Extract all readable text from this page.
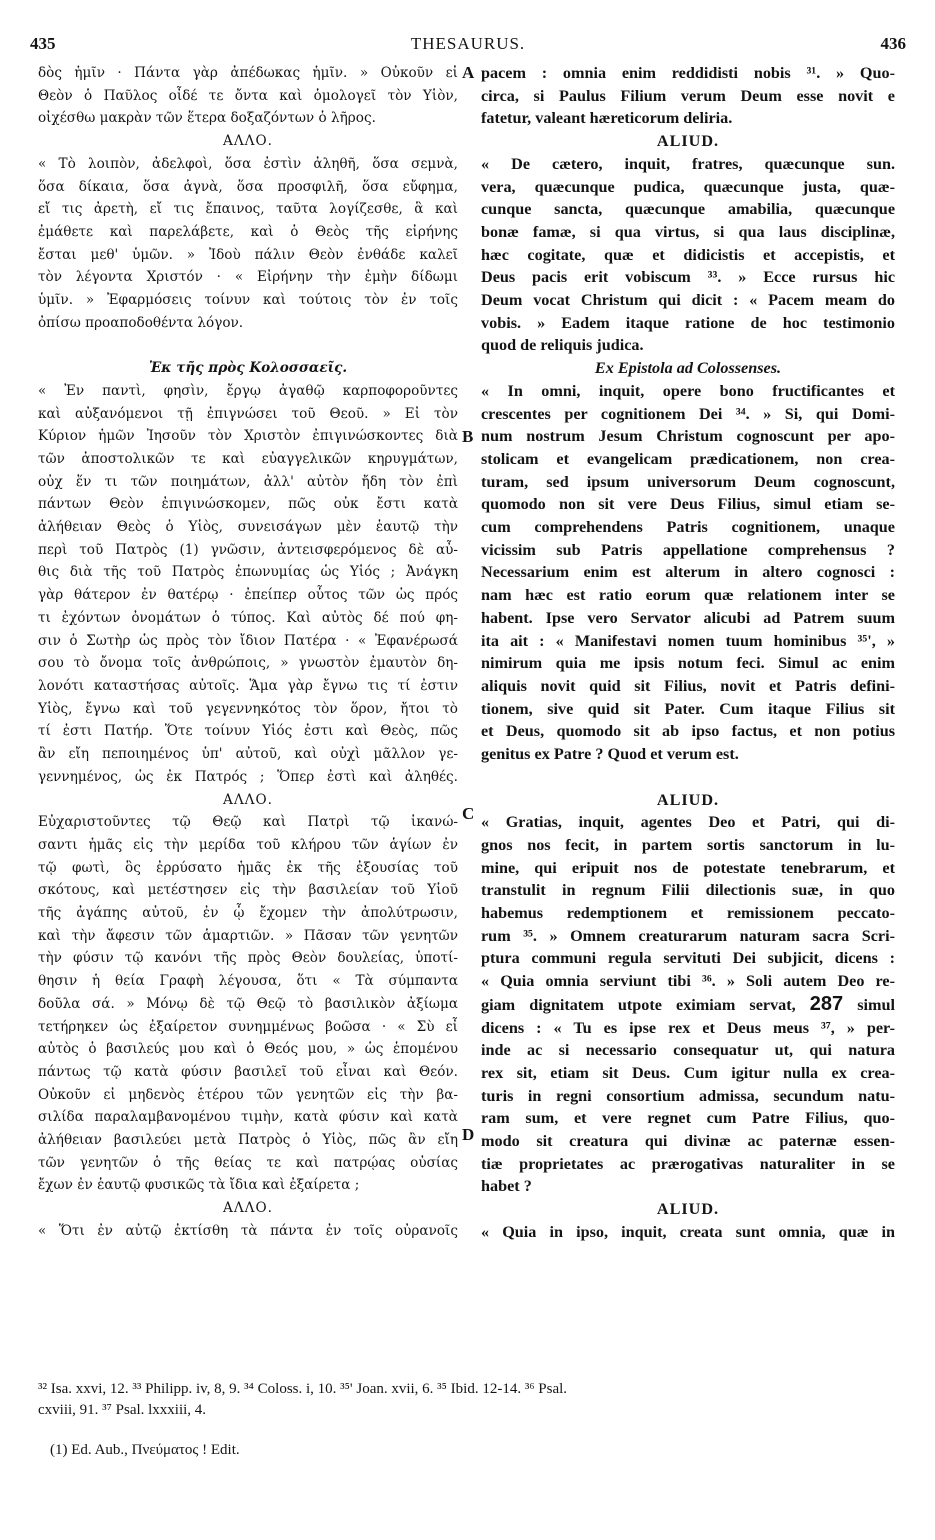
435	THESAURUS.	436

δὸς ἡμῖν · Πάντα γὰρ ἀπέδωκας ἡμῖν. » Οὐκοῦν εἰ

Θεὸν ὁ Παῦλος οἶδέ τε ὄντα καὶ ὁμολογεῖ τὸν Υἱὸν,

οἰχέσθω μακρὰν τῶν ἕτερα δοξαζόντων ὁ λῆρος.

ΑΛΛΟ.

« Τὸ λοιπὸν, ἀδελφοὶ, ὅσα ἐστὶν ἀληθῆ, ὅσα σεμνὰ,

ὅσα δίκαια, ὅσα ἁγνὰ, ὅσα προσφιλῆ, ὅσα εὔφημα,

εἴ τις ἀρετὴ, εἴ τις ἔπαινος, ταῦτα λογίζεσθε, ἃ καὶ

ἐμάθετε καὶ παρελάβετε, καὶ ὁ Θεὸς τῆς εἰρήνης

ἔσται μεθ' ὑμῶν. » Ἰδοὺ πάλιν Θεὸν ἐνθάδε καλεῖ

τὸν λέγοντα Χριστόν · « Εἰρήνην τὴν ἐμὴν δίδωμι

ὑμῖν. » Ἐφαρμόσεις τοίνυν καὶ τούτοις τὸν ἐν τοῖς

ὀπίσω προαποδοθέντα λόγον.

Ἐκ τῆς πρὸς Κολοσσαεῖς.

« Ἐν παντὶ, φησὶν, ἔργῳ ἀγαθῷ καρποφοροῦντες

καὶ αὐξανόμενοι τῇ ἐπιγνώσει τοῦ Θεοῦ. » Εἰ τὸν

Κύριον ἡμῶν Ἰησοῦν τὸν Χριστὸν ἐπιγινώσκοντες διὰ

τῶν ἀποστολικῶν τε καὶ εὐαγγελικῶν κηρυγμάτων,

οὐχ ἕν τι τῶν ποιημάτων, ἀλλ' αὐτὸν ἤδη τὸν ἐπὶ

πάντων Θεὸν ἐπιγινώσκομεν, πῶς οὐκ ἔστι κατὰ

ἀλήθειαν Θεὸς ὁ Υἱὸς, συνεισάγων μὲν ἑαυτῷ τὴν

περὶ τοῦ Πατρὸς (1) γνῶσιν, ἀντεισφερόμενος δὲ αὖ-

θις διὰ τῆς τοῦ Πατρὸς ἐπωνυμίας ὡς Υἱός ; Ἀνάγκη

γὰρ θάτερον ἐν θατέρῳ · ἐπείπερ οὗτος τῶν ὡς πρός

τι ἐχόντων ὀνομάτων ὁ τύπος. Καὶ αὐτὸς δέ πού φη-

σιν ὁ Σωτὴρ ὡς πρὸς τὸν ἴδιον Πατέρα · « Ἐφανέρωσά

σου τὸ ὄνομα τοῖς ἀνθρώποις, » γνωστὸν ἐμαυτὸν δη-

λονότι καταστήσας αὐτοῖς. Ἅμα γὰρ ἔγνω τις τί ἐστιν

Υἱὸς, ἔγνω καὶ τοῦ γεγεννηκότος τὸν ὅρον, ἤτοι τὸ

τί ἐστι Πατήρ. Ὅτε τοίνυν Υἱός ἐστι καὶ Θεὸς, πῶς

ἂν εἴη πεποιημένος ὑπ' αὐτοῦ, καὶ οὐχὶ μᾶλλον γε-

γεννημένος, ὡς ἐκ Πατρός ; Ὅπερ ἐστὶ καὶ ἀληθές.

ΑΛΛΟ.

Εὐχαριστοῦντες τῷ Θεῷ καὶ Πατρὶ τῷ ἱκανώ-

σαντι ἡμᾶς εἰς τὴν μερίδα τοῦ κλήρου τῶν ἁγίων ἐν

τῷ φωτὶ, ὃς ἐρρύσατο ἡμᾶς ἐκ τῆς ἐξουσίας τοῦ

σκότους, καὶ μετέστησεν εἰς τὴν βασιλείαν τοῦ Υἱοῦ

τῆς ἀγάπης αὐτοῦ, ἐν ᾧ ἔχομεν τὴν ἀπολύτρωσιν,

καὶ τὴν ἄφεσιν τῶν ἁμαρτιῶν. » Πᾶσαν τῶν γενητῶν

τὴν φύσιν τῷ κανόνι τῆς πρὸς Θεὸν δουλείας, ὑποτί-

θησιν ἡ θεία Γραφὴ λέγουσα, ὅτι « Τὰ σύμπαντα

δοῦλα σά. » Μόνῳ δὲ τῷ Θεῷ τὸ βασιλικὸν ἀξίωμα

τετήρηκεν ὡς ἐξαίρετον συνημμένως βοῶσα · « Σὺ εἶ

αὐτὸς ὁ βασιλεύς μου καὶ ὁ Θεός μου, » ὡς ἑπομένου

πάντως τῷ κατὰ φύσιν βασιλεῖ τοῦ εἶναι καὶ Θεόν.

Οὐκοῦν εἰ μηδενὸς ἑτέρου τῶν γενητῶν εἰς τὴν βα-

σιλίδα παραλαμβανομένου τιμὴν, κατὰ φύσιν καὶ κατὰ

ἀλήθειαν βασιλεύει μετὰ Πατρὸς ὁ Υἱὸς, πῶς ἂν εἴη

τῶν γενητῶν ὁ τῆς θείας τε καὶ πατρῴας οὐσίας

ἔχων ἐν ἑαυτῷ φυσικῶς τὰ ἴδια καὶ ἐξαίρετα ;

ΑΛΛΟ.

« Ὅτι ἐν αὐτῷ ἐκτίσθη τὰ πάντα ἐν τοῖς οὐρανοῖς

pacem : omnia enim reddidisti nobis ³¹. » Quo-

circa, si Paulus Filium verum Deum esse novit e

fatetur, valeant hæreticorum deliria.

ALIUD.

« De cætero, inquit, fratres, quæcunque sun.

vera, quæcunque pudica, quæcunque justa, quæ-

cunque sancta, quæcunque amabilia, quæcunque

bonæ famæ, si qua virtus, si qua laus disciplinæ,

hæc cogitate, quæ et didicistis et accepistis, et

Deus pacis erit vobiscum ³³. » Ecce rursus hic

Deum vocat Christum qui dicit : « Pacem meam do

vobis. » Eadem itaque ratione de hoc testimonio

quod de reliquis judica.

Ex Epistola ad Colossenses.

« In omni, inquit, opere bono fructificantes et

crescentes per cognitionem Dei ³⁴. » Si, qui Domi-

num nostrum Jesum Christum cognoscunt per apo-

stolicam et evangelicam prædicationem, non crea-

turam, sed ipsum universorum Deum cognoscunt,

quomodo non sit vere Deus Filius, simul etiam se-

cum comprehendens Patris cognitionem, unaque

vicissim sub Patris appellatione comprehensus ?

Necessarium enim est alterum in altero cognosci :

nam hæc est ratio eorum quæ relationem inter se

habent. Ipse vero Servator alicubi ad Patrem suum

ita ait : « Manifestavi nomen tuum hominibus ³⁵', »

nimirum quia me ipsis notum feci. Simul ac enim

aliquis novit quid sit Filius, novit et Patris defini-

tionem, sive quid sit Pater. Cum itaque Filius sit

et Deus, quomodo sit ab ipso factus, et non potius

genitus ex Patre ? Quod et verum est.

ALIUD.

« Gratias, inquit, agentes Deo et Patri, qui di-

gnos nos fecit, in partem sortis sanctorum in lu-

mine, qui eripuit nos de potestate tenebrarum, et

transtulit in regnum Filii dilectionis suæ, in quo

habemus redemptionem et remissionem peccato-

rum ³⁵. » Omnem creaturarum naturam sacra Scri-

ptura communi regula servituti Dei subjicit, dicens :

« Quia omnia serviunt tibi ³⁶. » Soli autem Deo re-

giam dignitatem utpote eximiam servat, 287 simul

dicens : « Tu es ipse rex et Deus meus ³⁷, » per-

inde ac si necessario consequatur ut, qui natura

rex sit, etiam sit Deus. Cum igitur nulla ex crea-

turis in regni consortium admissa, secundum natu-

ram sum, et vere regnet cum Patre Filius, quo-

modo sit creatura qui divinæ ac paternæ essen-

tiæ proprietates ac prærogativas naturaliter in se

habet ?

ALIUD.

« Quia in ipso, inquit, creata sunt omnia, quæ in

A
B
C
D

³² Isa. xxvi, 12. ³³ Philipp. iv, 8, 9. ³⁴ Coloss. i, 10. ³⁵' Joan. xvii, 6. ³⁵ Ibid. 12-14. ³⁶ Psal.

cxviii, 91. ³⁷ Psal. lxxxiii, 4.

(1) Ed. Aub., Πνεύματος ! Edit.
